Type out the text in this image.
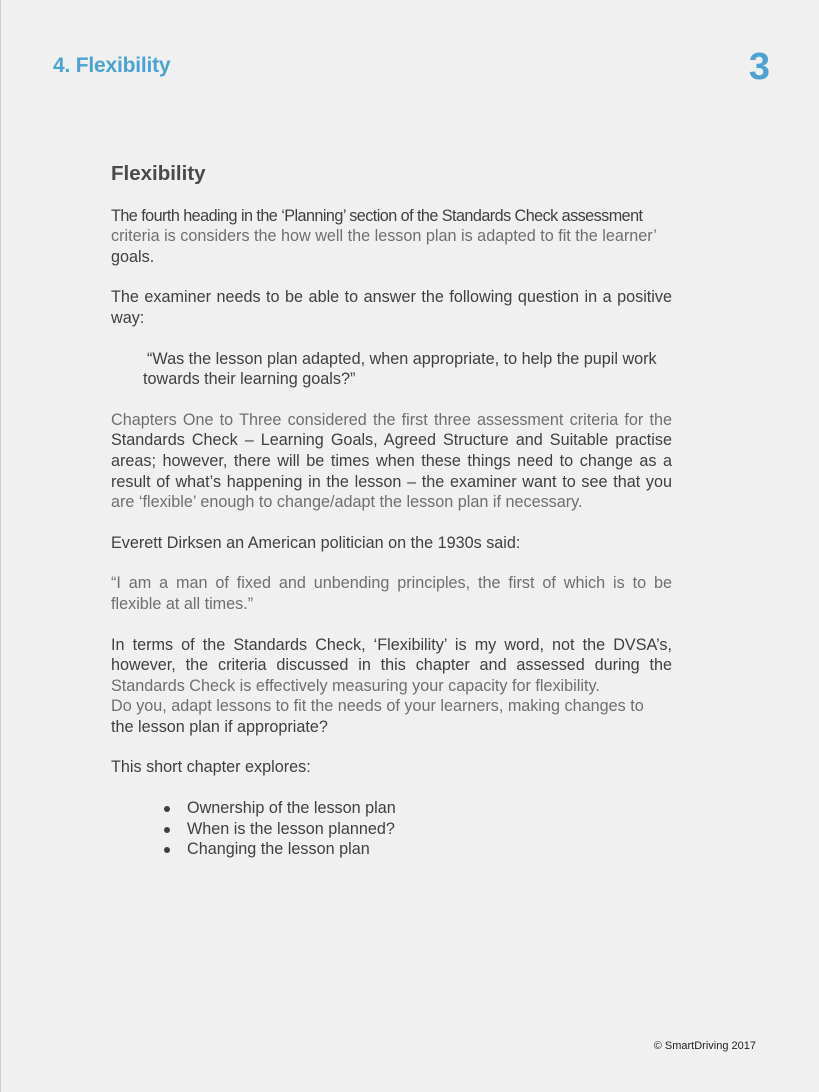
4. Flexibility	3
Flexibility

The fourth heading in the ‘Planning’ section of the Standards Check assessment
criteria is considers the how well the lesson plan is adapted to fit the learner’
goals.

The examiner needs to be able to answer the following question in a positive way:

“Was the lesson plan adapted, when appropriate, to help the pupil work towards their learning goals?”

Chapters One to Three considered the first three assessment criteria for the Standards Check – Learning Goals, Agreed Structure and Suitable practise areas; however, there will be times when these things need to change as a result of what’s happening in the lesson – the examiner want to see that you are ‘flexible’ enough to change/adapt the lesson plan if necessary.

Everett Dirksen an American politician on the 1930s said:

“I am a man of fixed and unbending principles, the first of which is to be flexible at all times.”

In terms of the Standards Check, ‘Flexibility’ is my word, not the DVSA’s, however, the criteria discussed in this chapter and assessed during the Standards Check is effectively measuring your capacity for flexibility.
Do you, adapt lessons to fit the needs of your learners, making changes to
the lesson plan if appropriate?

This short chapter explores:

Ownership of the lesson plan
When is the lesson planned?
Changing the lesson plan
© SmartDriving 2017
